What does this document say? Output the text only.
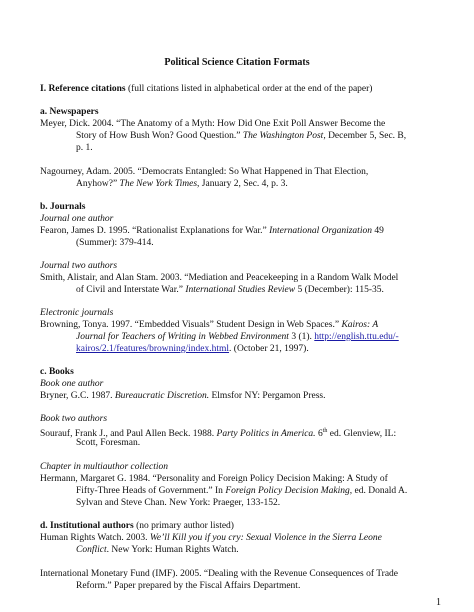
Political Science Citation Formats
I. Reference citations (full citations listed in alphabetical order at the end of the paper)
a. Newspapers
Meyer, Dick. 2004. “The Anatomy of a Myth: How Did One Exit Poll Answer Become the
Story of How Bush Won? Good Question.” The Washington Post, December 5, Sec. B,
p. 1.
Nagourney, Adam. 2005. “Democrats Entangled: So What Happened in That Election,
Anyhow?” The New York Times, January 2, Sec. 4, p. 3.
b. Journals
Journal one author
Fearon, James D. 1995. “Rationalist Explanations for War.” International Organization 49
(Summer): 379-414.
Journal two authors
Smith, Alistair, and Alan Stam. 2003. “Mediation and Peacekeeping in a Random Walk Model
of Civil and Interstate War.” International Studies Review 5 (December): 115-35.
Electronic journals
Browning, Tonya. 1997. “Embedded Visuals” Student Design in Web Spaces.” Kairos: A
Journal for Teachers of Writing in Webbed Environment 3 (1). http://english.ttu.edu/-
kairos/2.1/features/browning/index.html. (October 21, 1997).
c. Books
Book one author
Bryner, G.C. 1987. Bureaucratic Discretion. Elmsfor NY: Pergamon Press.
Book two authors
Sourauf, Frank J., and Paul Allen Beck. 1988. Party Politics in America. 6th ed. Glenview, IL:
Scott, Foresman.
Chapter in multiauthor collection
Hermann, Margaret G. 1984. “Personality and Foreign Policy Decision Making: A Study of
Fifty-Three Heads of Government.” In Foreign Policy Decision Making, ed. Donald A.
Sylvan and Steve Chan. New York: Praeger, 133-152.
d. Institutional authors (no primary author listed)
Human Rights Watch. 2003. We’ll Kill you if you cry: Sexual Violence in the Sierra Leone
Conflict. New York: Human Rights Watch.
International Monetary Fund (IMF). 2005. “Dealing with the Revenue Consequences of Trade
Reform.” Paper prepared by the Fiscal Affairs Department.
1
